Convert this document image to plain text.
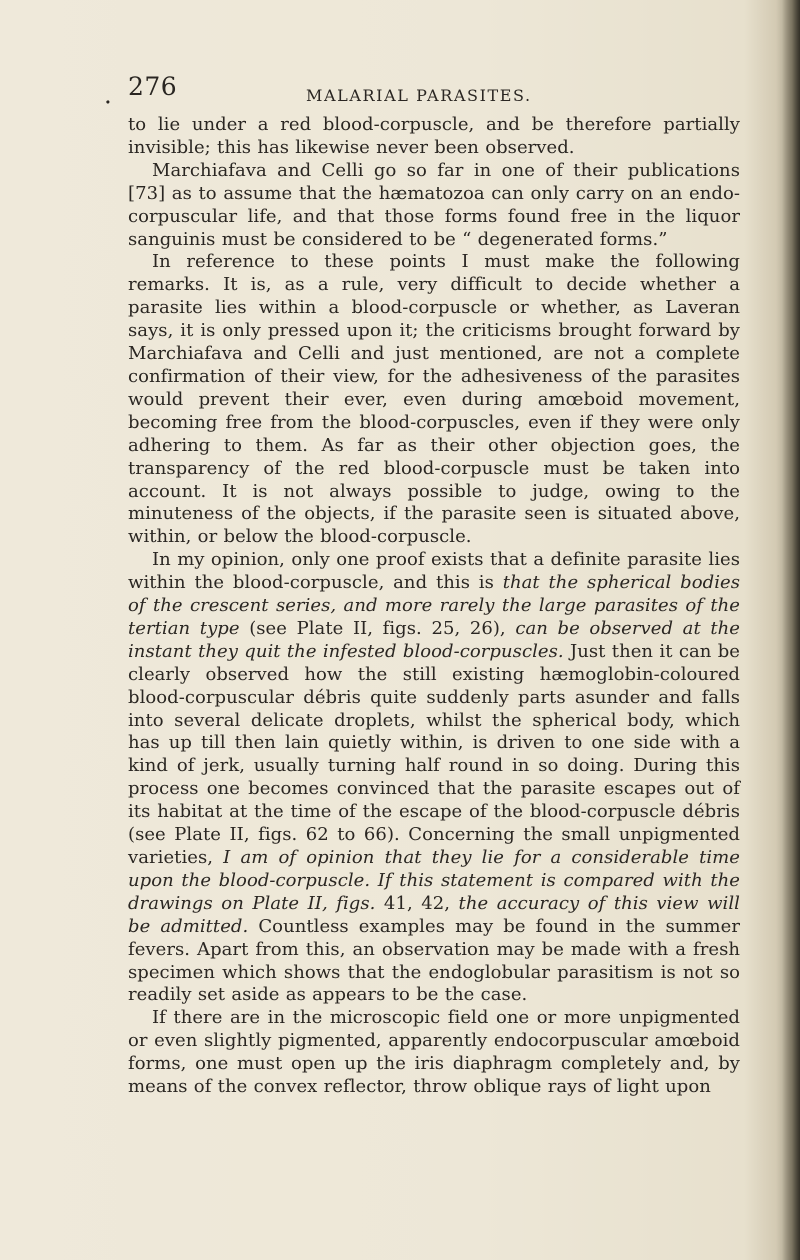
276
•	MALARIAL PARASITES.

to lie under a red blood-corpuscle, and be therefore partially invisible; this has likewise never been observed.

Marchiafava and Celli go so far in one of their publications [73] as to assume that the hæmatozoa can only carry on an endo-corpuscular life, and that those forms found free in the liquor sanguinis must be considered to be “ degenerated forms.”

In reference to these points I must make the following remarks. It is, as a rule, very difficult to decide whether a parasite lies within a blood-corpuscle or whether, as Laveran says, it is only pressed upon it; the criticisms brought forward by Marchiafava and Celli and just mentioned, are not a complete confirmation of their view, for the adhesiveness of the parasites would prevent their ever, even during amœboid movement, becoming free from the blood-corpuscles, even if they were only adhering to them. As far as their other objection goes, the transparency of the red blood-corpuscle must be taken into account. It is not always possible to judge, owing to the minuteness of the objects, if the parasite seen is situated above, within, or below the blood-corpuscle.

In my opinion, only one proof exists that a definite parasite lies within the blood-corpuscle, and this is that the spherical bodies of the crescent series, and more rarely the large parasites of the tertian type (see Plate II, figs. 25, 26), can be observed at the instant they quit the infested blood-corpuscles. Just then it can be clearly observed how the still existing hæmoglobin-coloured blood-corpuscular débris quite suddenly parts asunder and falls into several delicate droplets, whilst the spherical body, which has up till then lain quietly within, is driven to one side with a kind of jerk, usually turning half round in so doing. During this process one becomes convinced that the parasite escapes out of its habitat at the time of the escape of the blood-corpuscle débris (see Plate II, figs. 62 to 66). Concerning the small unpigmented varieties, I am of opinion that they lie for a considerable time upon the blood-corpuscle. If this statement is compared with the drawings on Plate II, figs. 41, 42, the accuracy of this view will be admitted. Countless examples may be found in the summer fevers. Apart from this, an observation may be made with a fresh specimen which shows that the endoglobular parasitism is not so readily set aside as appears to be the case.

If there are in the microscopic field one or more unpigmented or even slightly pigmented, apparently endocorpuscular amœboid forms, one must open up the iris diaphragm completely and, by means of the convex reflector, throw oblique rays of light upon
